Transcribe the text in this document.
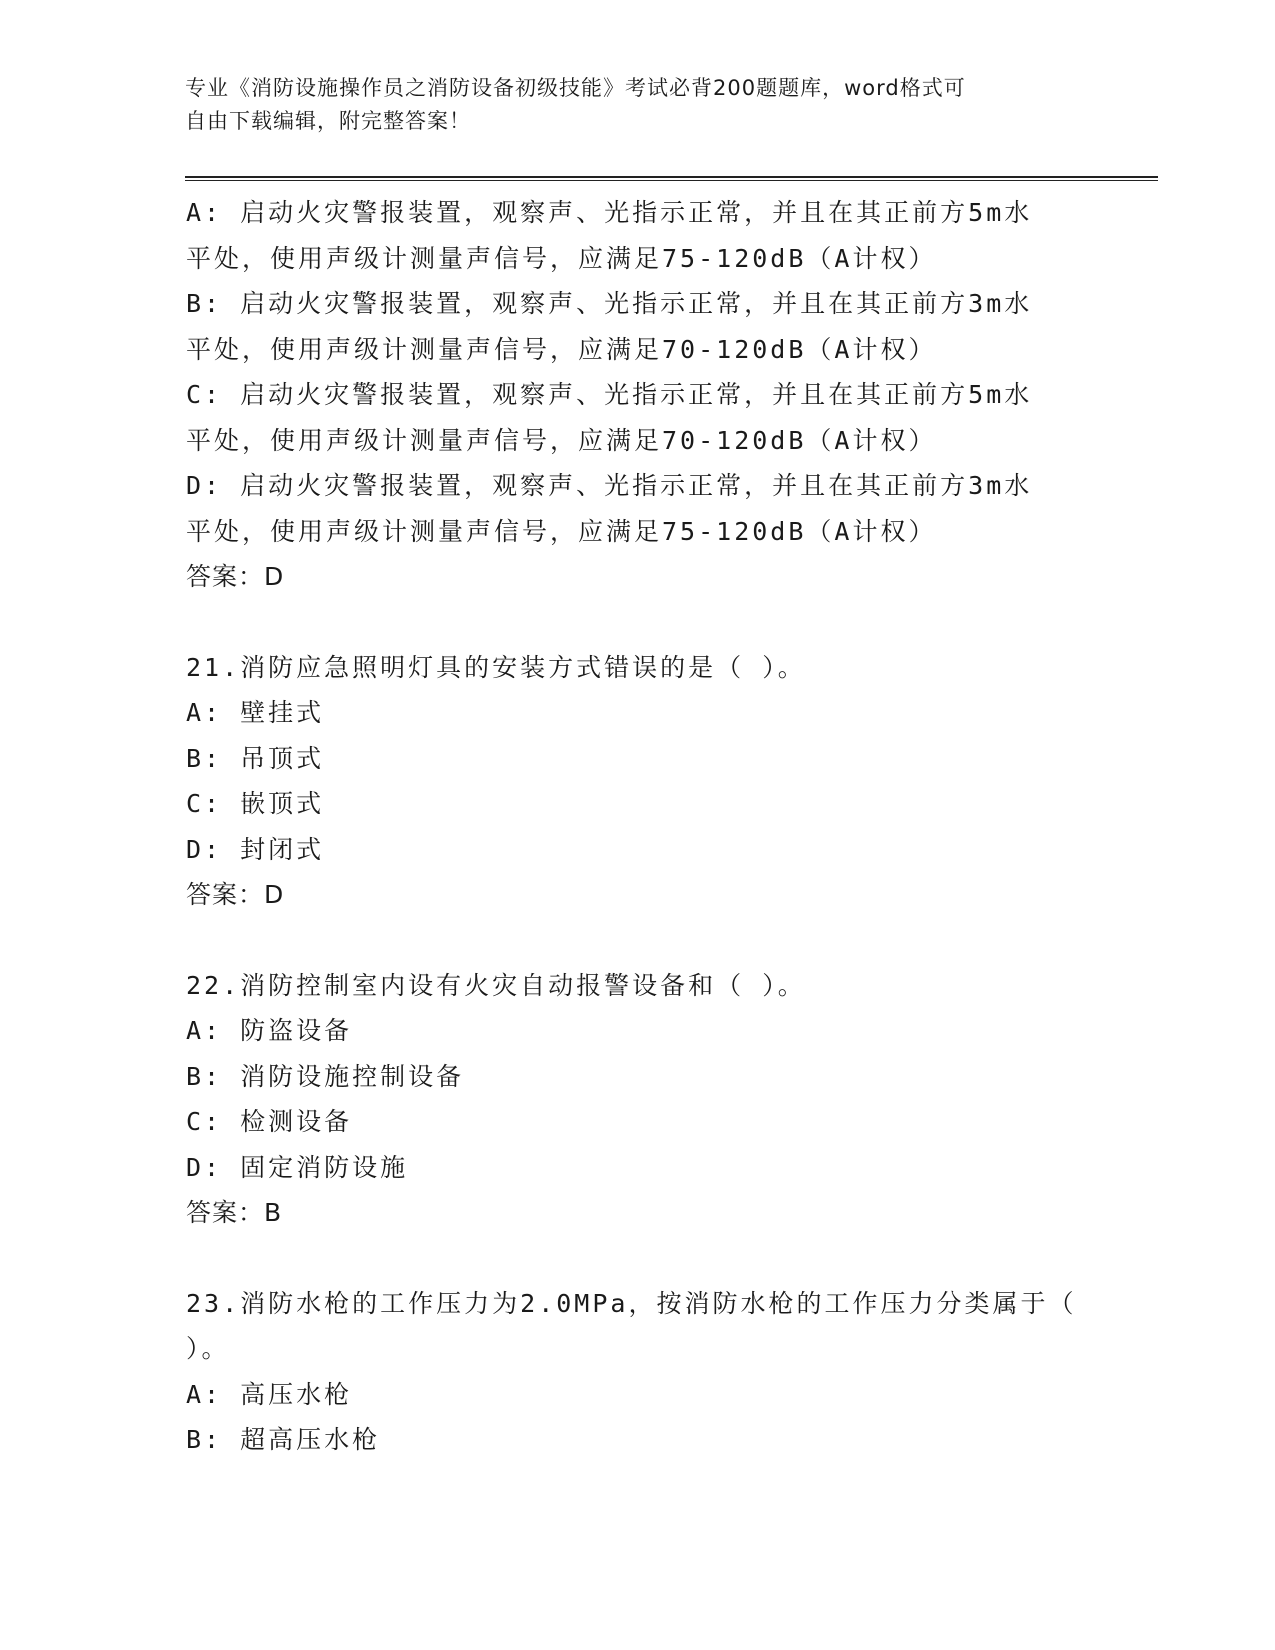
专业《消防设施操作员之消防设备初级技能》考试必背200题题库，word格式可
自由下载编辑，附完整答案！
A: 启动火灾警报装置，观察声、光指示正常，并且在其正前方5m水
平处，使用声级计测量声信号，应满足75-120dB（A计权）
B: 启动火灾警报装置，观察声、光指示正常，并且在其正前方3m水
平处，使用声级计测量声信号，应满足70-120dB（A计权）
C: 启动火灾警报装置，观察声、光指示正常，并且在其正前方5m水
平处，使用声级计测量声信号，应满足70-120dB（A计权）
D: 启动火灾警报装置，观察声、光指示正常，并且在其正前方3m水
平处，使用声级计测量声信号，应满足75-120dB（A计权）
答案：D
21.消防应急照明灯具的安装方式错误的是（ ）。
A: 壁挂式
B: 吊顶式
C: 嵌顶式
D: 封闭式
答案：D
22.消防控制室内设有火灾自动报警设备和（ ）。
A: 防盗设备
B: 消防设施控制设备
C: 检测设备
D: 固定消防设施
答案：B
23.消防水枪的工作压力为2.0MPa，按消防水枪的工作压力分类属于（
）。
A: 高压水枪
B: 超高压水枪
